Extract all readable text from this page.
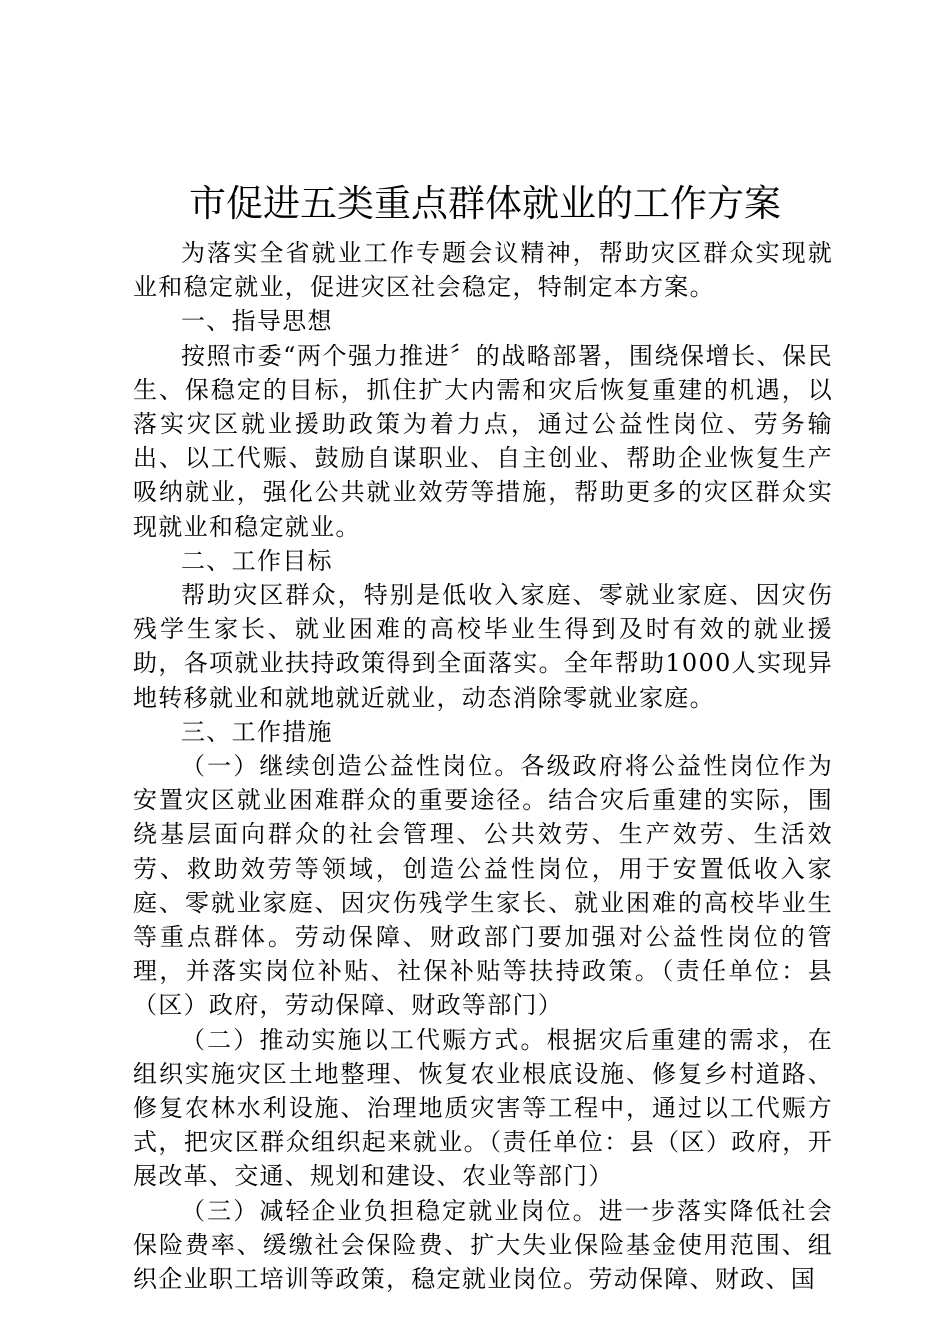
市促进五类重点群体就业的工作方案

为落实全省就业工作专题会议精神，帮助灾区群众实现就业和稳定就业，促进灾区社会稳定，特制定本方案。

一、指导思想

按照市委“两个强力推进〞的战略部署，围绕保增长、保民生、保稳定的目标，抓住扩大内需和灾后恢复重建的机遇，以落实灾区就业援助政策为着力点，通过公益性岗位、劳务输出、以工代赈、鼓励自谋职业、自主创业、帮助企业恢复生产吸纳就业，强化公共就业效劳等措施，帮助更多的灾区群众实现就业和稳定就业。

二、工作目标

帮助灾区群众，特别是低收入家庭、零就业家庭、因灾伤残学生家长、就业困难的高校毕业生得到及时有效的就业援助，各项就业扶持政策得到全面落实。全年帮助1000人实现异地转移就业和就地就近就业，动态消除零就业家庭。

三、工作措施

（一）继续创造公益性岗位。各级政府将公益性岗位作为安置灾区就业困难群众的重要途径。结合灾后重建的实际，围绕基层面向群众的社会管理、公共效劳、生产效劳、生活效劳、救助效劳等领域，创造公益性岗位，用于安置低收入家庭、零就业家庭、因灾伤残学生家长、就业困难的高校毕业生等重点群体。劳动保障、财政部门要加强对公益性岗位的管理，并落实岗位补贴、社保补贴等扶持政策。（责任单位：县（区）政府，劳动保障、财政等部门）

（二）推动实施以工代赈方式。根据灾后重建的需求，在组织实施灾区土地整理、恢复农业根底设施、修复乡村道路、修复农林水利设施、治理地质灾害等工程中，通过以工代赈方式，把灾区群众组织起来就业。（责任单位：县（区）政府，开展改革、交通、规划和建设、农业等部门）

（三）减轻企业负担稳定就业岗位。进一步落实降低社会保险费率、缓缴社会保险费、扩大失业保险基金使用范围、组织企业职工培训等政策，稳定就业岗位。劳动保障、财政、国
